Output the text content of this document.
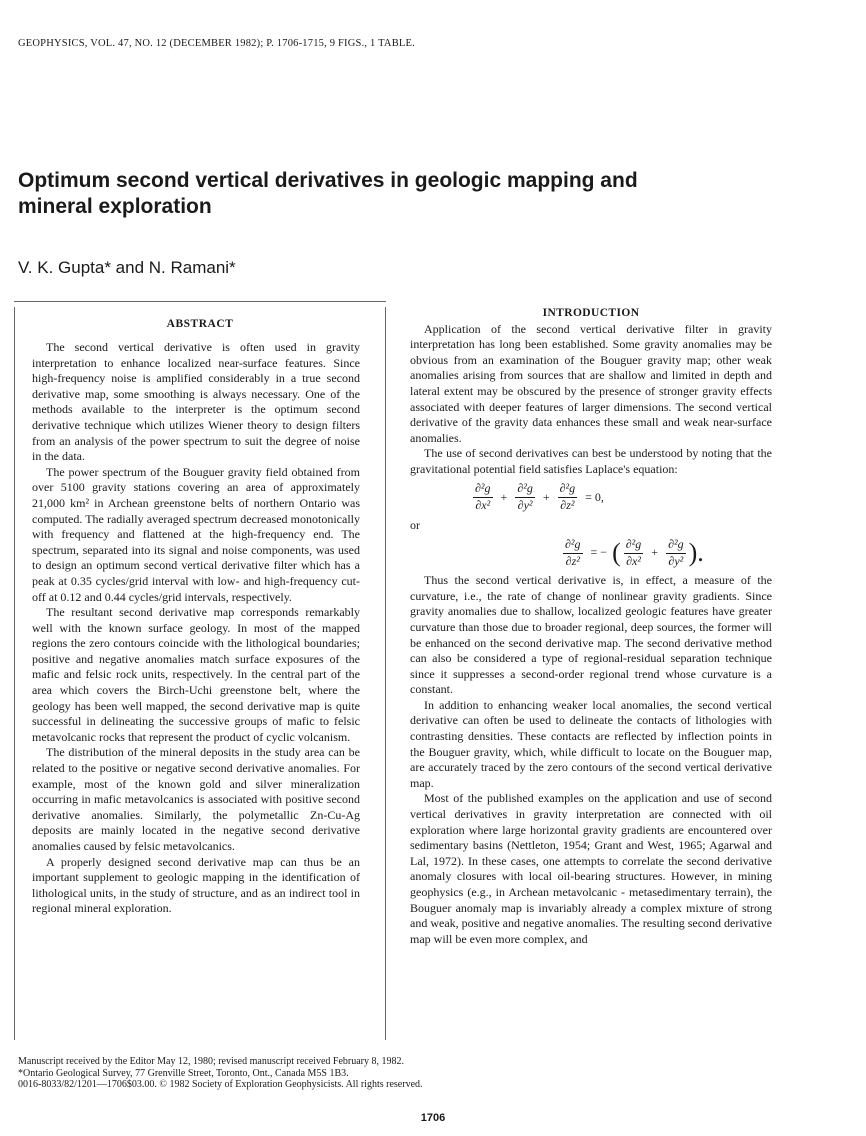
GEOPHYSICS, VOL. 47, NO. 12 (DECEMBER 1982); P. 1706-1715, 9 FIGS., 1 TABLE.
Optimum second vertical derivatives in geologic mapping and mineral exploration
V. K. Gupta* and N. Ramani*
ABSTRACT

The second vertical derivative is often used in gravity interpretation to enhance localized near-surface features. Since high-frequency noise is amplified considerably in a true second derivative map, some smoothing is always necessary. One of the methods available to the interpreter is the optimum second derivative technique which utilizes Wiener theory to design filters from an analysis of the power spectrum to suit the degree of noise in the data.

The power spectrum of the Bouguer gravity field obtained from over 5100 gravity stations covering an area of approximately 21,000 km² in Archean greenstone belts of northern Ontario was computed. The radially averaged spectrum decreased monotonically with frequency and flattened at the high-frequency end. The spectrum, separated into its signal and noise components, was used to design an optimum second vertical derivative filter which has a peak at 0.35 cycles/grid interval with low- and high-frequency cut-off at 0.12 and 0.44 cycles/grid intervals, respectively.

The resultant second derivative map corresponds remarkably well with the known surface geology. In most of the mapped regions the zero contours coincide with the lithological boundaries; positive and negative anomalies match surface exposures of the mafic and felsic rock units, respectively. In the central part of the area which covers the Birch-Uchi greenstone belt, where the geology has been well mapped, the second derivative map is quite successful in delineating the successive groups of mafic to felsic metavolcanic rocks that represent the product of cyclic volcanism.

The distribution of the mineral deposits in the study area can be related to the positive or negative second derivative anomalies. For example, most of the known gold and silver mineralization occurring in mafic metavolcanics is associated with positive second derivative anomalies. Similarly, the polymetallic Zn-Cu-Ag deposits are mainly located in the negative second derivative anomalies caused by felsic metavolcanics.

A properly designed second derivative map can thus be an important supplement to geologic mapping in the identification of lithological units, in the study of structure, and as an indirect tool in regional mineral exploration.

INTRODUCTION

Application of the second vertical derivative filter in gravity interpretation has long been established. Some gravity anomalies may be obvious from an examination of the Bouguer gravity map; other weak anomalies arising from sources that are shallow and limited in depth and lateral extent may be obscured by the presence of stronger gravity effects associated with deeper features of larger dimensions. The second vertical derivative of the gravity data enhances these small and weak near-surface anomalies.

The use of second derivatives can best be understood by noting that the gravitational potential field satisfies Laplace's equation:

$\frac{\text{∂²g}}{\text{∂x²}} + \frac{\text{∂²g}}{\text{∂y²}} + \frac{\text{∂²g}}{\text{∂z²}} = 0$,

or

$\frac{\text{∂²g}}{\text{∂z²}}$ = − ( $\frac{\text{∂²g}}{\text{∂x²}} + \frac{\text{∂²g}}{\text{∂y²}}$ ).

Thus the second vertical derivative is, in effect, a measure of the curvature, i.e., the rate of change of nonlinear gravity gradients. Since gravity anomalies due to shallow, localized geologic features have greater curvature than those due to broader regional, deep sources, the former will be enhanced on the second derivative map. The second derivative method can also be considered a type of regional-residual separation technique since it suppresses a second-order regional trend whose curvature is a constant.

In addition to enhancing weaker local anomalies, the second vertical derivative can often be used to delineate the contacts of lithologies with contrasting densities. These contacts are reflected by inflection points in the Bouguer gravity, which, while difficult to locate on the Bouguer map, are accurately traced by the zero contours of the second vertical derivative map.

Most of the published examples on the application and use of second vertical derivatives in gravity interpretation are connected with oil exploration where large horizontal gravity gradients are encountered over sedimentary basins (Nettleton, 1954; Grant and West, 1965; Agarwal and Lal, 1972). In these cases, one attempts to correlate the second derivative anomaly closures with local oil-bearing structures. However, in mining geophysics (e.g., in Archean metavolcanic - metasedimentary terrain), the Bouguer anomaly map is invariably already a complex mixture of strong and weak, positive and negative anomalies. The resulting second derivative map will be even more complex, and

Manuscript received by the Editor May 12, 1980; revised manuscript received February 8, 1982.
*Ontario Geological Survey, 77 Grenville Street, Toronto, Ont., Canada M5S 1B3.
0016-8033/82/1201—1706$03.00. © 1982 Society of Exploration Geophysicists. All rights reserved.
1706
